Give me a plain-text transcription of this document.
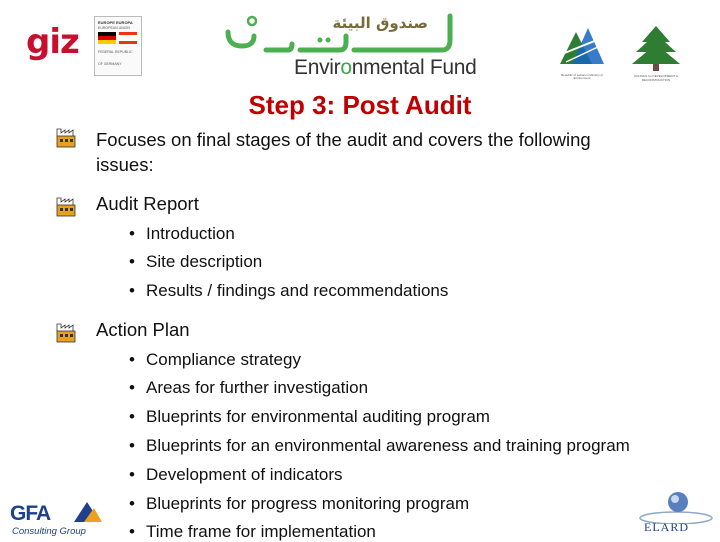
giz	EUROPE EUROPA
EUROPEAN UNION
FEDERAL REPUBLIC
OF GERMANY
صندوق البيئة
Environmental Fund	Republic of Lebanon Ministry of Environment
COUNCIL for DEVELOPMENT & RECONSTRUCTION
Step 3: Post Audit
Focuses on final stages of the audit and covers the following
issues:
Audit Report
• Introduction
• Site description
• Results / findings and recommendations
Action Plan
• Compliance strategy
• Areas for further investigation
• Blueprints for environmental auditing program
• Blueprints for an environmental awareness and training program
• Development of indicators
• Blueprints for progress monitoring program
• Time frame for implementation
GFA
Consulting Group	ELARD
